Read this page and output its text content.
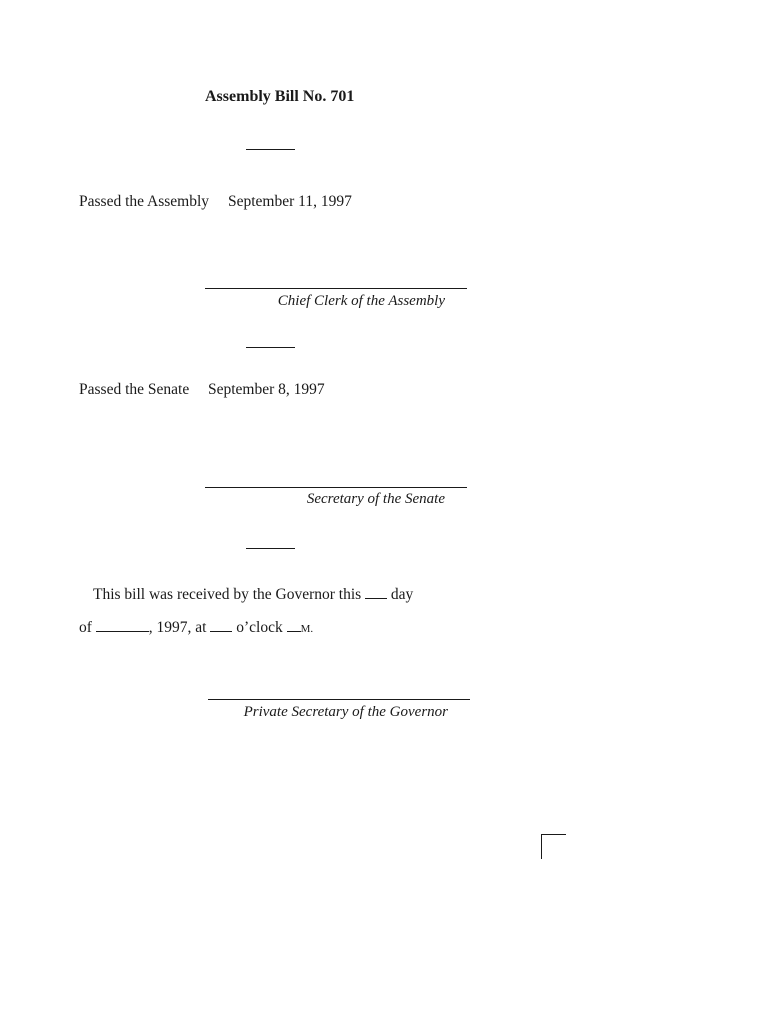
Assembly Bill No. 701
Passed the Assembly September 11, 1997
Chief Clerk of the Assembly
Passed the Senate September 8, 1997
Secretary of the Senate
This bill was received by the Governor this day
of	, 1997, at o’clock M.
Private Secretary of the Governor
